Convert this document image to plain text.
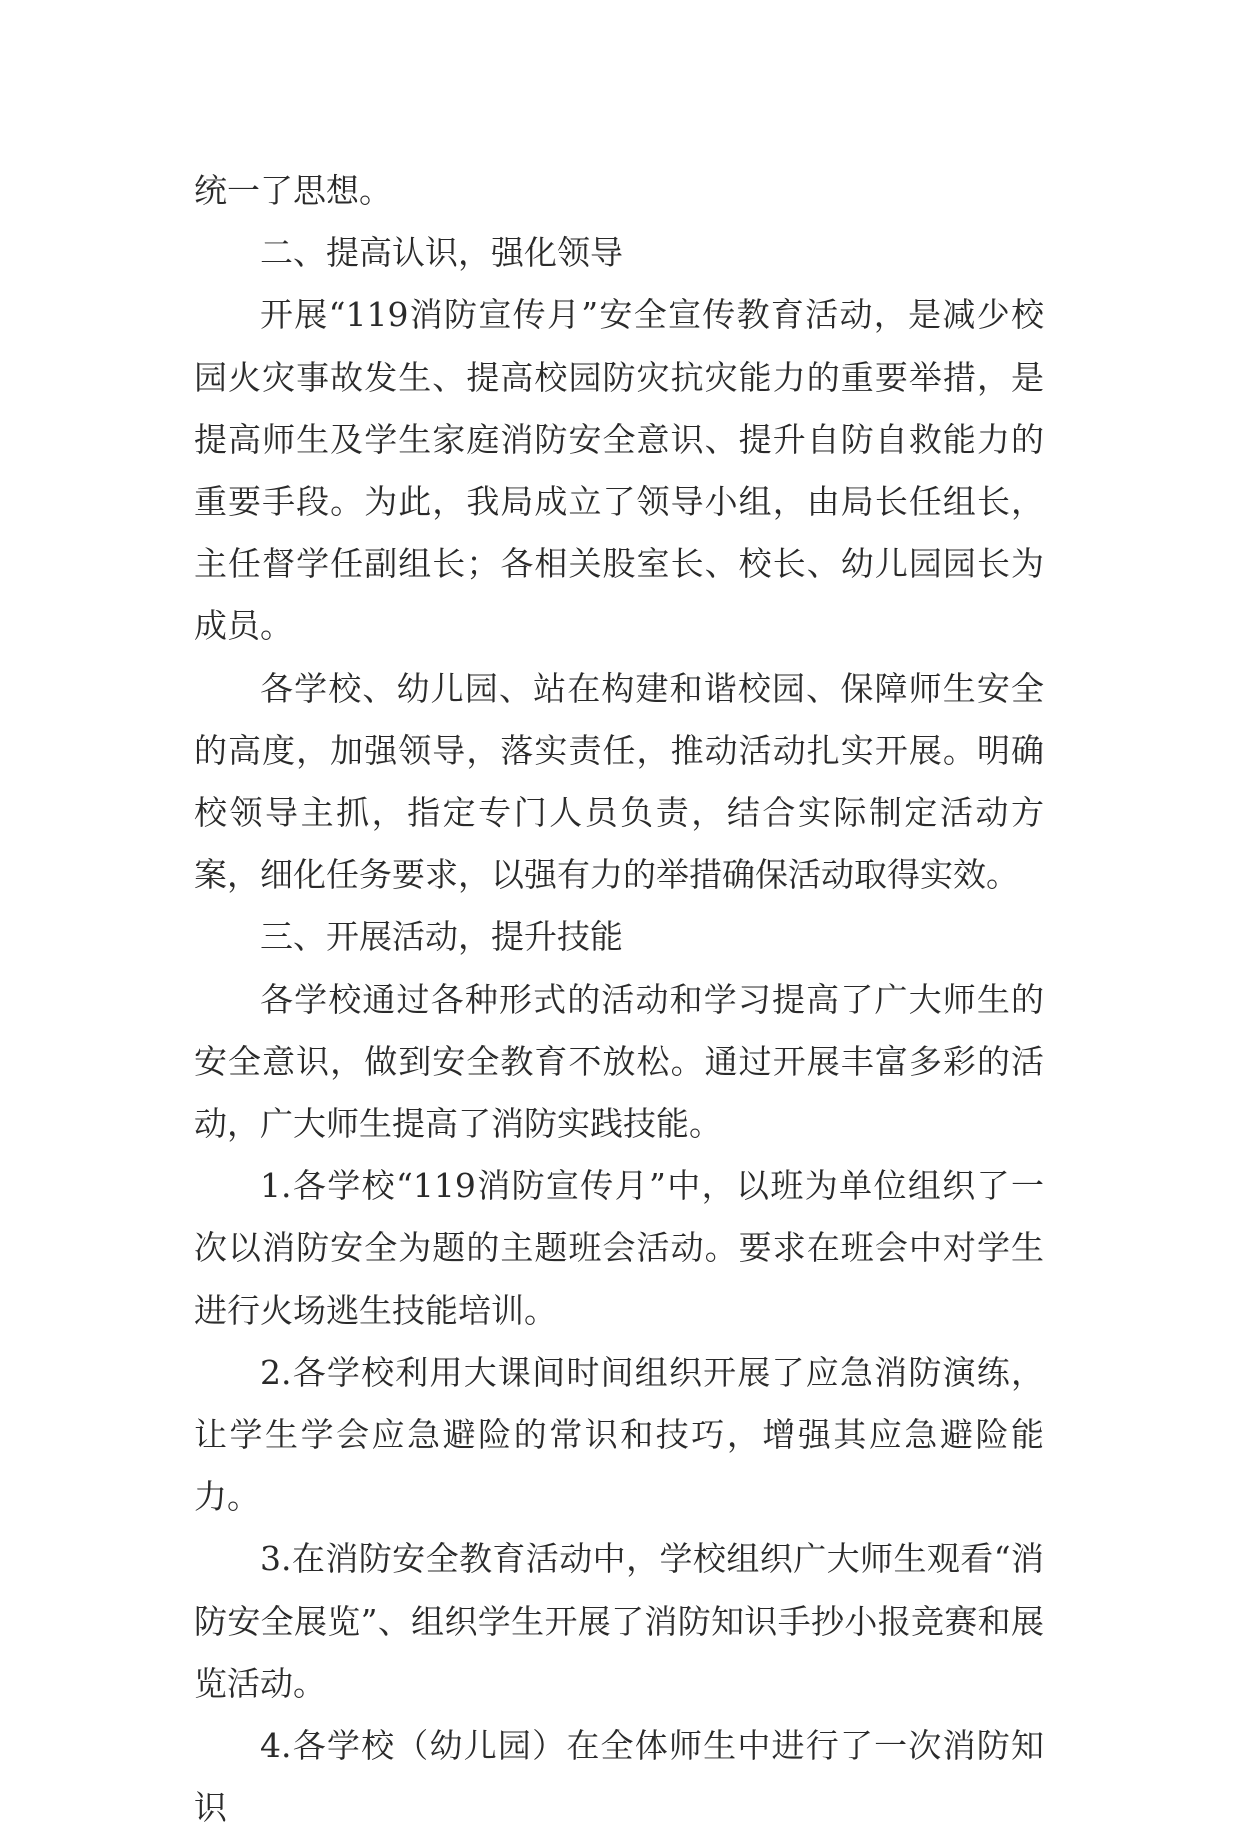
统一了思想。

二、提高认识，强化领导

开展“119消防宣传月”安全宣传教育活动，是减少校园火灾事故发生、提高校园防灾抗灾能力的重要举措，是提高师生及学生家庭消防安全意识、提升自防自救能力的重要手段。为此，我局成立了领导小组，由局长任组长，主任督学任副组长；各相关股室长、校长、幼儿园园长为成员。

各学校、幼儿园、站在构建和谐校园、保障师生安全的高度，加强领导，落实责任，推动活动扎实开展。明确校领导主抓，指定专门人员负责，结合实际制定活动方案，细化任务要求，以强有力的举措确保活动取得实效。

三、开展活动，提升技能

各学校通过各种形式的活动和学习提高了广大师生的安全意识，做到安全教育不放松。通过开展丰富多彩的活动，广大师生提高了消防实践技能。

1.各学校“119消防宣传月”中，以班为单位组织了一次以消防安全为题的主题班会活动。要求在班会中对学生进行火场逃生技能培训。

2.各学校利用大课间时间组织开展了应急消防演练，让学生学会应急避险的常识和技巧，增强其应急避险能力。

3.在消防安全教育活动中，学校组织广大师生观看“消防安全展览”、组织学生开展了消防知识手抄小报竞赛和展览活动。

4.各学校（幼儿园）在全体师生中进行了一次消防知识
